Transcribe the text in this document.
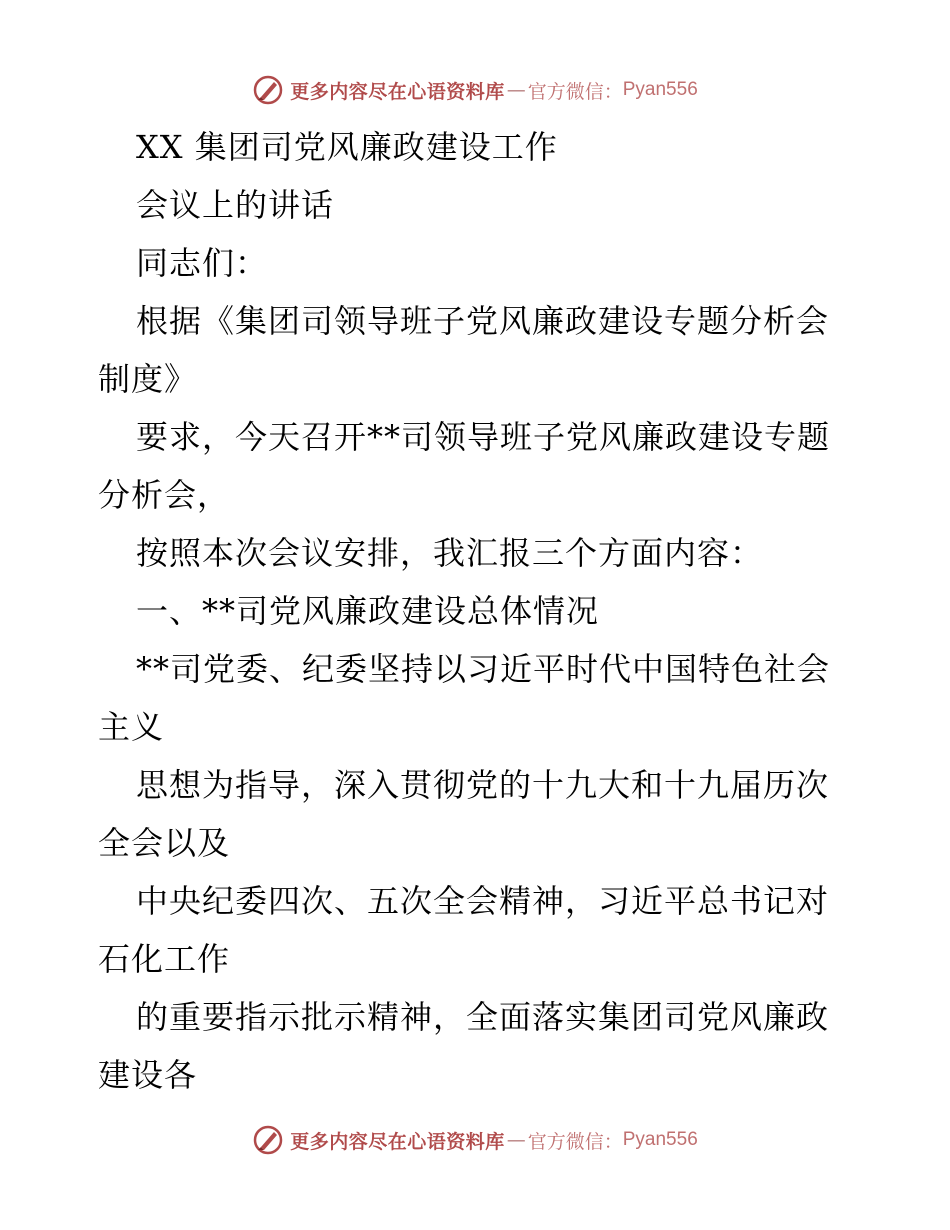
更多内容尽在心语资料库 — 官方微信： Pyan556
XX 集团司党风廉政建设工作
会议上的讲话
同志们：
根据《集团司领导班子党风廉政建设专题分析会
制度》
要求，今天召开**司领导班子党风廉政建设专题
分析会，
按照本次会议安排，我汇报三个方面内容：
一、**司党风廉政建设总体情况
**司党委、纪委坚持以习近平时代中国特色社会
主义
思想为指导，深入贯彻党的十九大和十九届历次
全会以及
中央纪委四次、五次全会精神，习近平总书记对
石化工作
的重要指示批示精神，全面落实集团司党风廉政
建设各
更多内容尽在心语资料库 — 官方微信： Pyan556
